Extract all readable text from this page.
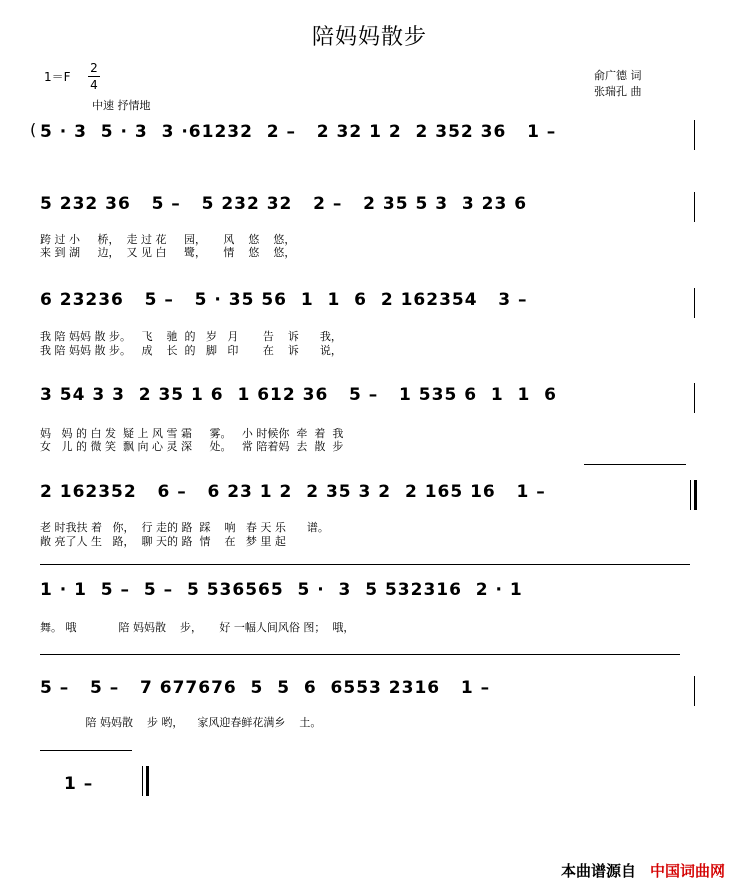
陪妈妈散步
1＝F
2
4
中速 抒情地
俞广德 词
张瑞孔 曲
( 5 · 3  5 · 3  3 ·61232  2 –   2 32 1 2  2 352 36   1 –
5 232 36   5 –   5 232 32   2 –   2 35 5 3  3 23 6
跨 过 小     桥，  走 过 花     园，     风    悠    悠，
来 到 湖     边，  又 见 白     鹭，     情    悠    悠，
6 23236   5 –   5 · 35 56  1  1  6  2 162354   3 –
我 陪 妈妈 散 步。   飞    驰  的   岁   月       告    诉      我，
我 陪 妈妈 散 步。   成    长  的   脚   印       在    诉      说，
3 54 3 3  2 35 1 6  1 612 36   5 –   1 535 6  1  1  6
妈   妈 的 白 发  疑 上 风 雪 霜     雾。   小 时候你  牵  着  我
女   儿 的 微 笑  飘 向 心 灵 深     处。   常 陪着妈  去  散  步
2 162352   6 –   6 23 1 2  2 35 3 2  2 165 16   1 –
老 时我扶 着   你，  行 走的 路  踩    响   春 天 乐      谱。
敞 亮了人 生   路，  聊 天的 路  情    在   梦 里 起
1 · 1  5 –  5 –  5 536565  5 ·  3  5 532316  2 · 1
舞。 哦            陪 妈妈散    步，     好 一幅人间风俗 图；  哦，
5 –   5 –   7 677676  5  5  6  6553 2316   1 –
陪 妈妈散    步 哟，    家风迎春鲜花满乡    土。
1 –
本曲谱源自 中国词曲网
